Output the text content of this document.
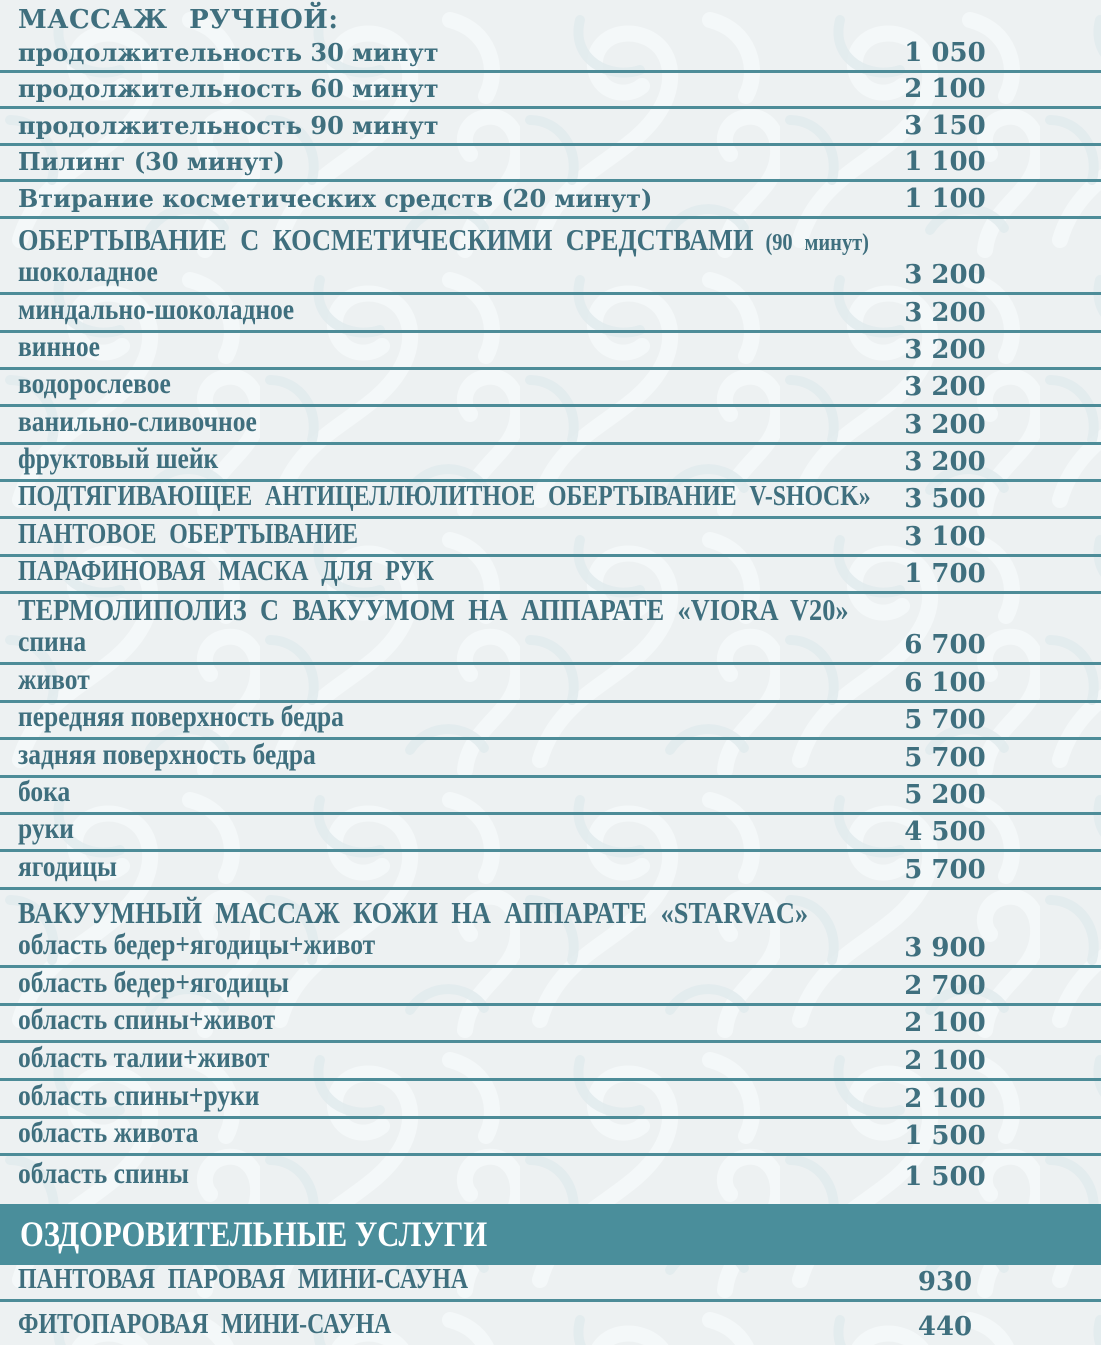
МАССАЖ РУЧНОЙ:
продолжительность 30 минут	1 050
продолжительность 60 минут	2 100
продолжительность 90 минут	3 150
Пилинг (30 минут)	1 100
Втирание косметических средств (20 минут)	1 100
ОБЕРТЫВАНИЕ С КОСМЕТИЧЕСКИМИ СРЕДСТВАМИ (90 минут)
шоколадное	3 200
миндально-шоколадное	3 200
винное	3 200
водорослевое	3 200
ванильно-сливочное	3 200
фруктовый шейк	3 200
ПОДТЯГИВАЮЩЕЕ АНТИЦЕЛЛЮЛИТНОЕ ОБЕРТЫВАНИЕ V-SHOCK»	3 500
ПАНТОВОЕ ОБЕРТЫВАНИЕ	3 100
ПАРАФИНОВАЯ МАСКА ДЛЯ РУК	1 700
ТЕРМОЛИПОЛИЗ С ВАКУУМОМ НА АППАРАТЕ «VIORA V20»
спина	6 700
живот	6 100
передняя поверхность бедра	5 700
задняя поверхность бедра	5 700
бока	5 200
руки	4 500
ягодицы	5 700
ВАКУУМНЫЙ МАССАЖ КОЖИ НА АППАРАТЕ «STARVAC»
область бедер+ягодицы+живот	3 900
область бедер+ягодицы	2 700
область спины+живот	2 100
область талии+живот	2 100
область спины+руки	2 100
область живота	1 500
область спины	1 500
ОЗДОРОВИТЕЛЬНЫЕ УСЛУГИ
ПАНТОВАЯ ПАРОВАЯ МИНИ-САУНА	930
ФИТОПАРОВАЯ МИНИ-САУНА	440
